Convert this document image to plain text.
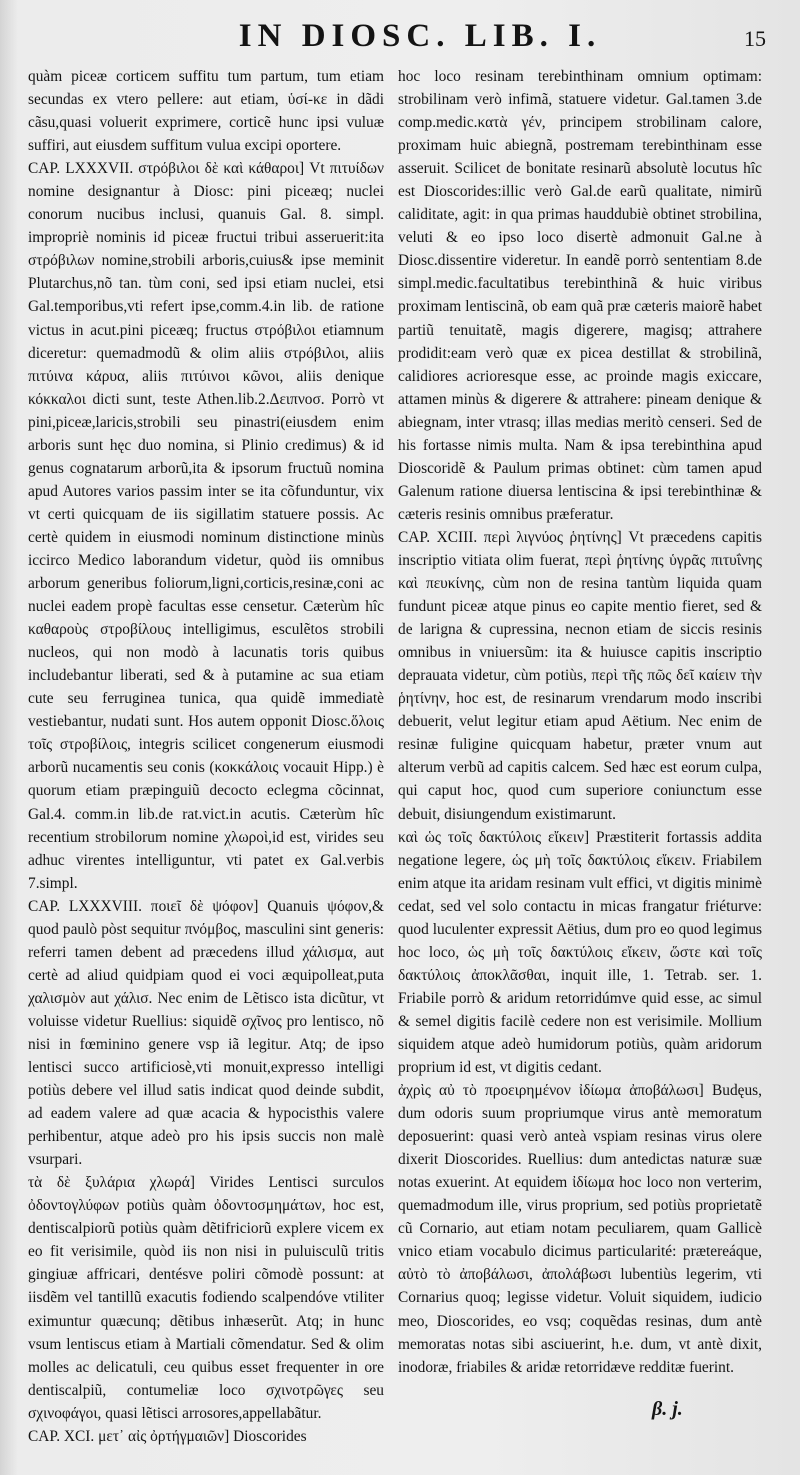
IN DIOSC. LIB. I.	15

quàm piceæ corticem suffitu tum partum, tum etiam secundas ex vtero pellere: aut etiam, ὑσί-κε in dãdi cãsu,quasi voluerit exprimere, corticẽ hunc ipsi vuluæ suffiri, aut eiusdem suffitum vulua excipi oportere.

CAP. LXXXVII. στρόβιλοι δὲ καὶ κάθαροι] Vt πιτυίδων nomine designantur à Diosc: pini piceæq; nuclei conorum nucibus inclusi, quanuis Gal. 8. simpl. impropriè nominis id piceæ fructui tribui asseruerit:ita στρόβιλων nomine,strobili arboris,cuius& ipse meminit Plutarchus,nõ tan. tùm coni, sed ipsi etiam nuclei, etsi Gal.temporibus,vti refert ipse,comm.4.in lib. de ratione victus in acut.pini piceæq; fructus στρόβιλοι etiamnum diceretur: quemadmodũ & olim aliis στρόβιλοι, aliis πιτύινα κάρυα, aliis πιτύινοι κῶνοι, aliis denique κόκκαλοι dicti sunt, teste Athen.lib.2.Δειπνοσ. Porrò vt pini,piceæ,laricis,strobili seu pinastri(eiusdem enim arboris sunt hęc duo nomina, si Plinio credimus) & id genus cognatarum arborũ,ita & ipsorum fructuũ nomina apud Autores varios passim inter se ita cõfunduntur, vix vt certi quicquam de iis sigillatim statuere possis. Ac certè quidem in eiusmodi nominum distinctione minùs iccirco Medico laborandum videtur, quòd iis omnibus arborum generibus foliorum,ligni,corticis,resinæ,coni ac nuclei eadem propè facultas esse censetur. Cæterùm hîc καθαροὺς στροβίλους intelligimus, esculẽtos strobili nucleos, qui non modò à lacunatis toris quibus includebantur liberati, sed & à putamine ac sua etiam cute seu ferruginea tunica, qua quidẽ immediatè vestiebantur, nudati sunt. Hos autem opponit Diosc.ὅλοις τοῖς στροβίλοις, integris scilicet congenerum eiusmodi arborũ nucamentis seu conis (κοκκάλοις vocauit Hipp.) è quorum etiam præpinguiũ decocto eclegma cõcinnat, Gal.4. comm.in lib.de rat.vict.in acutis. Cæterùm hîc recentium strobilorum nomine χλωροὶ,id est, virides seu adhuc virentes intelliguntur, vti patet ex Gal.verbis 7.simpl.

CAP. LXXXVIII. ποιεῖ δὲ ψόφον] Quanuis ψόφον,& quod paulò pòst sequitur πνόμβος, masculini sint generis: referri tamen debent ad præcedens illud χάλισμα, aut certè ad aliud quidpiam quod ei voci æquipolleat,puta χαλισμὸν aut χάλισ. Nec enim de Lẽtisco ista dicũtur, vt voluisse videtur Ruellius: siquidẽ σχῖνος pro lentisco, nõ nisi in fœminino genere vsp iã legitur. Atq; de ipso lentisci succo artificiosè,vti monuit,expresso intelligi potiùs debere vel illud satis indicat quod deinde subdit, ad eadem valere ad quæ acacia & hypocisthis valere perhibentur, atque adeò pro his ipsis succis non malè vsurpari.

τὰ δὲ ξυλάρια χλωρά] Virides Lentisci surculos ὀδοντογλύφων potiùs quàm ὀδοντοσμημάτων, hoc est, dentiscalpiorũ potiùs quàm dẽtifriciorũ explere vicem ex eo fit verisimile, quòd iis non nisi in puluisculũ tritis gingiuæ affricari, dentésve poliri cõmodè possunt: at iisdẽm vel tantillũ exacutis fodiendo scalpendóve vtiliter eximuntur quæcunq; dẽtibus inhæserũt. Atq; in hunc vsum lentiscus etiam à Martiali cõmendatur. Sed & olim molles ac delicatuli, ceu quibus esset frequenter in ore dentiscalpiũ, contumeliæ loco σχινοτρῶγες seu σχινοφάγοι, quasi lẽtisci arrosores,appellabãtur.

CAP. XCI. μετ᾽ αἰς ὀρτήγμαιῶν] Dioscorides

hoc loco resinam terebinthinam omnium optimam: strobilinam verò infimã, statuere videtur. Gal.tamen 3.de comp.medic.κατὰ γέν, principem strobilinam calore, proximam huic abiegnã, postremam terebinthinam esse asseruit. Scilicet de bonitate resinarũ absolutè locutus hîc est Dioscorides:illic verò Gal.de earũ qualitate, nimirũ caliditate, agit: in qua primas hauddubiè obtinet strobilina, veluti & eo ipso loco disertè admonuit Gal.ne à Diosc.dissentire videretur. In eandẽ porrò sententiam 8.de simpl.medic.facultatibus terebinthinã & huic viribus proximam lentiscinã, ob eam quã præ cæteris maiorẽ habet partiũ tenuitatẽ, magis digerere, magisq; attrahere prodidit:eam verò quæ ex picea destillat & strobilinã, calidiores acrioresque esse, ac proinde magis exiccare, attamen minùs & digerere & attrahere: pineam denique & abiegnam, inter vtrasq; illas medias meritò censeri. Sed de his fortasse nimis multa. Nam & ipsa terebinthina apud Dioscoridẽ & Paulum primas obtinet: cùm tamen apud Galenum ratione diuersa lentiscina & ipsi terebinthinæ & cæteris resinis omnibus præferatur.

CAP. XCIII. περὶ λιγνύος ῥητίνης] Vt præcedens capitis inscriptio vitiata olim fuerat, περὶ ῥητίνης ὑγρᾶς πιτυΐνης καὶ πευκίνης, cùm non de resina tantùm liquida quam fundunt piceæ atque pinus eo capite mentio fieret, sed & de larigna & cupressina, necnon etiam de siccis resinis omnibus in vniuersũm: ita & huiusce capitis inscriptio deprauata videtur, cùm potiùs, περὶ τῆς πῶς δεῖ καίειν τὴν ῥητίνην, hoc est, de resinarum vrendarum modo inscribi debuerit, velut legitur etiam apud Aëtium. Nec enim de resinæ fuligine quicquam habetur, præter vnum aut alterum verbũ ad capitis calcem. Sed hæc est eorum culpa, qui caput hoc, quod cum superiore coniunctum esse debuit, disiungendum existimarunt.

καὶ ὡς τοῖς δακτύλοις εἴκειν] Præstiterit fortassis addita negatione legere, ὡς μὴ τοῖς δακτύλοις εἴκειν. Friabilem enim atque ita aridam resinam vult effici, vt digitis minimè cedat, sed vel solo contactu in micas frangatur friéturve: quod luculenter expressit Aëtius, dum pro eo quod legimus hoc loco, ὡς μὴ τοῖς δακτύλοις εἴκειν, ὥστε καὶ τοῖς δακτύλοις ἀποκλᾶσθαι, inquit ille, 1. Tetrab. ser. 1. Friabile porrò & aridum retorridúmve quid esse, ac simul & semel digitis facilè cedere non est verisimile. Mollium siquidem atque adeò humidorum potiùs, quàm aridorum proprium id est, vt digitis cedant.

ἀχρὶς αὐ τὸ προειρημένον ἰδίωμα ἀποβάλωσι] Budęus, dum odoris suum propriumque virus antè memoratum deposuerint: quasi verò anteà vspiam resinas virus olere dixerit Dioscorides. Ruellius: dum antedictas naturæ suæ notas exuerint. At equidem ἰδίωμα hoc loco non verterim, quemadmodum ille, virus proprium, sed potiùs proprietatẽ cũ Cornario, aut etiam notam peculiarem, quam Gallicè vnico etiam vocabulo dicimus particularité: prætereáque, αὐτὸ τὸ ἀποβάλωσι, ἀπολάβωσι lubentiùs legerim, vti Cornarius quoq; legisse videtur. Voluit siquidem, iudicio meo, Dioscorides, eo vsq; coquẽdas resinas, dum antè memoratas notas sibi asciuerint, h.e. dum, vt antè dixit, inodoræ, friabiles & aridæ retorridæve redditæ fuerint.

β. j.
